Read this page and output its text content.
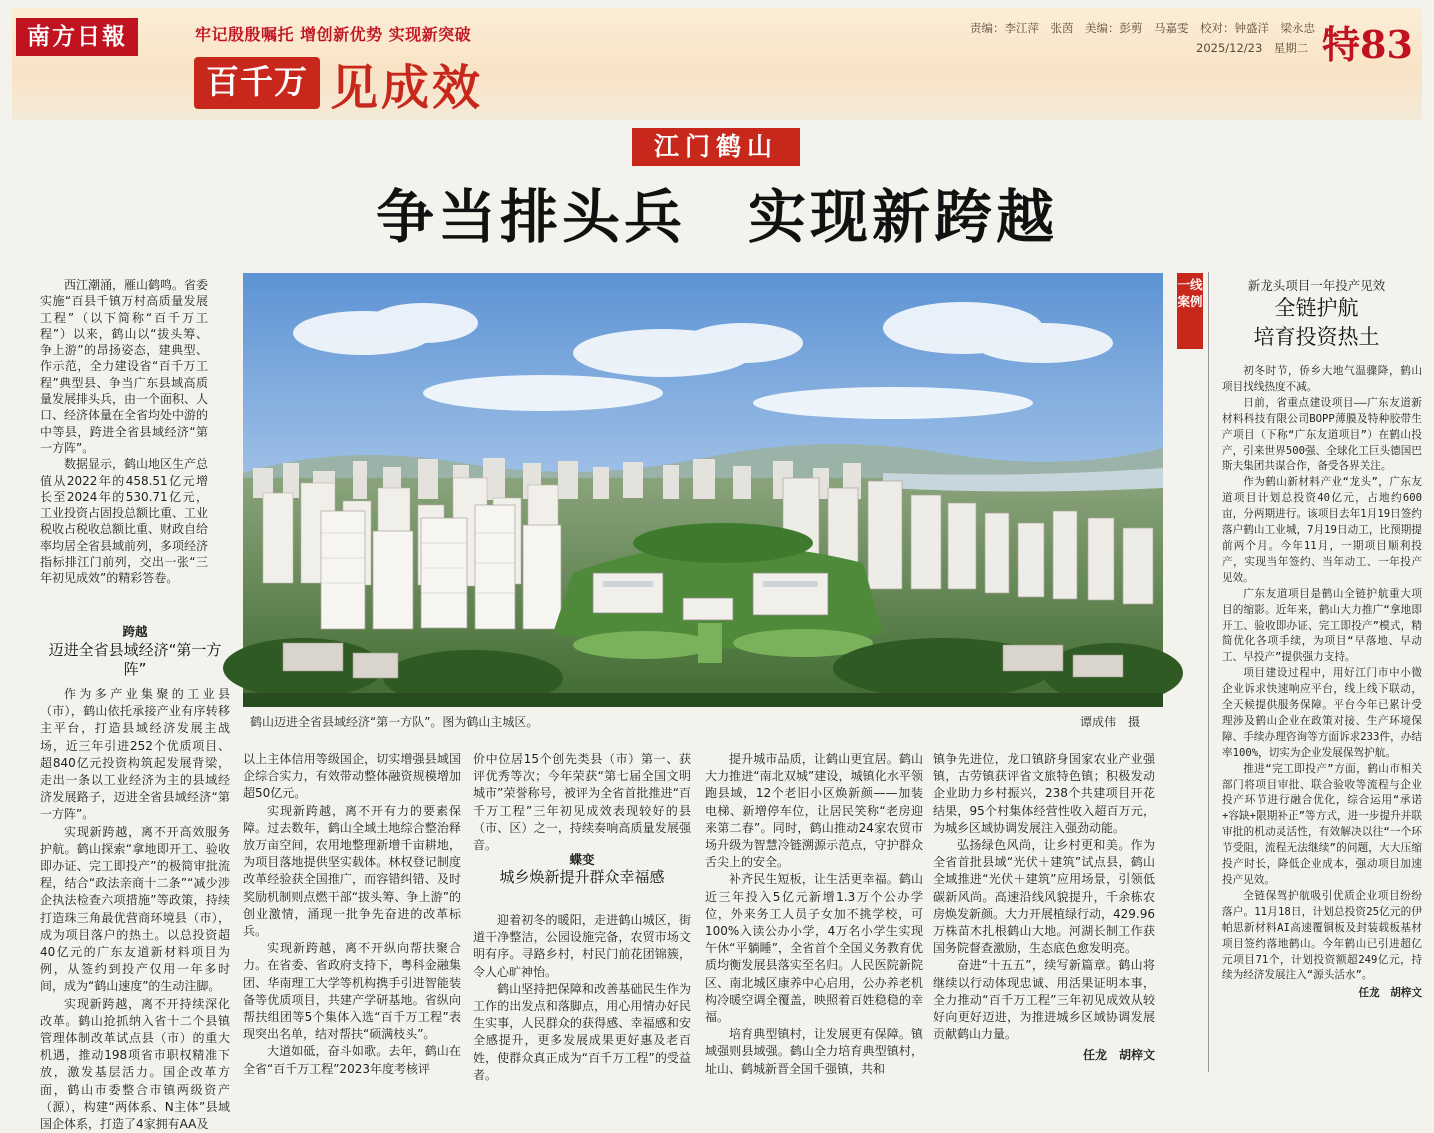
南方日報	牢记殷殷嘱托 增创新优势 实现新突破
百千万 见成效
责编：李江萍　张茵　美编：彭剪　马嘉雯　校对：钟盛洋　梁永忠
2025/12/23　星期二 特83
江门鹤山
争当排头兵　实现新跨越
鹤山迈进全省县域经济“第一方队”。图为鹤山主城区。	谭成伟　摄

西江潮涌，雁山鹤鸣。省委实施“百县千镇万村高质量发展工程”（以下简称“百千万工程”）以来，鹤山以“拔头筹、争上游”的昂扬姿态，建典型、作示范，全力建设省“百千万工程”典型县、争当广东县域高质量发展排头兵，由一个面积、人口、经济体量在全省均处中游的中等县，跨进全省县域经济“第一方阵”。

数据显示，鹤山地区生产总值从2022年的458.51亿元增长至2024年的530.71亿元，工业投资占固投总额比重、工业税收占税收总额比重、财政自给率均居全省县域前列，多项经济指标排江门前列，交出一张“三年初见成效”的精彩答卷。

跨越
迈进全省县域经济“第一方阵”

作为多产业集聚的工业县（市），鹤山依托承接产业有序转移主平台，打造县域经济发展主战场，近三年引进252个优质项目、超840亿元投资构筑起发展背梁，走出一条以工业经济为主的县域经济发展路子，迈进全省县域经济“第一方阵”。

实现新跨越，离不开高效服务护航。鹤山探索“拿地即开工、验收即办证、完工即投产”的极简审批流程，结合“政法亲商十二条”“减少涉企执法检查六项措施”等政策，持续打造珠三角最优营商环境县（市），成为项目落户的热土。以总投资超40亿元的广东友道新材料项目为例，从签约到投产仅用一年多时间，成为“鹤山速度”的生动注脚。

实现新跨越，离不开持续深化改革。鹤山抢抓纳入省十二个县镇管理体制改革试点县（市）的重大机遇，推动198项省市职权精准下放，激发基层活力。国企改革方面，鹤山市委整合市镇两级资产（源），构建“两体系、N主体”县域国企体系，打造了4家拥有AA及

以上主体信用等级国企，切实增强县域国企综合实力，有效带动整体融资规模增加超50亿元。

实现新跨越，离不开有力的要素保障。过去数年，鹤山全域土地综合整治释放万亩空间，农用地整理新增千亩耕地，为项目落地提供坚实载体。林权登记制度改革经验获全国推广，而容错纠错、及时奖励机制则点燃干部“拔头筹、争上游”的创业激情，涌现一批争先奋进的改革标兵。

实现新跨越，离不开纵向帮扶聚合力。在省委、省政府支持下，粤科金融集团、华南理工大学等机构携手引进智能装备等优质项目，共建产学研基地。省纵向帮扶组团等5个集体入选“百千万工程”表现突出名单，结对帮扶“硕满枝头”。

大道如砥，奋斗如歌。去年，鹤山在全省“百千万工程”2023年度考核评

价中位居15个创先类县（市）第一、获评优秀等次；今年荣获“第七届全国文明城市”荣誉称号，被评为全省首批推进“百千万工程”三年初见成效表现较好的县（市、区）之一，持续奏响高质量发展强音。

蝶变
城乡焕新提升群众幸福感

迎着初冬的暖阳，走进鹤山城区，街道干净整洁，公园设施完备，农贸市场文明有序。寻路乡村，村民门前花团锦簇，令人心旷神怡。

鹤山坚持把保障和改善基础民生作为工作的出发点和落脚点，用心用情办好民生实事，人民群众的获得感、幸福感和安全感提升，更多发展成果更好惠及老百姓，使群众真正成为“百千万工程”的受益者。

提升城市品质，让鹤山更宜居。鹤山大力推进“南北双城”建设，城镇化水平领跑县域，12个老旧小区焕新颜——加装电梯、新增停车位，让居民笑称“老房迎来第二春”。同时，鹤山推动24家农贸市场升级为智慧冷链溯源示范点，守护群众舌尖上的安全。

补齐民生短板，让生活更幸福。鹤山近三年投入5亿元新增1.3万个公办学位，外来务工人员子女加不挑学校，可100%入读公办小学，4万名小学生实现午休“平躺睡”，全省首个全国义务教育优质均衡发展县落实至名归。人民医院新院区、南北城区康养中心启用，公办养老机构冷暖空调全覆盖，映照着百姓稳稳的幸福。

培育典型镇村，让发展更有保障。镇域强则县域强。鹤山全力培育典型镇村，址山、鹤城新晋全国千强镇，共和

镇争先进位，龙口镇跻身国家农业产业强镇，古劳镇获评省文旅特色镇；积极发动企业助力乡村振兴，238个共建项目开花结果，95个村集体经营性收入超百万元，为城乡区域协调发展注入强劲动能。

弘扬绿色风尚，让乡村更和美。作为全省首批县域“光伏＋建筑”试点县，鹤山全域推进“光伏＋建筑”应用场景，引领低碳新风尚。高速沿线风貌提升，千余栋农房焕发新颜。大力开展植绿行动，429.96万株苗木扎根鹤山大地。河湖长制工作获国务院督查激励，生态底色愈发明亮。

奋进“十五五”，续写新篇章。鹤山将继续以行动体现忠诚、用活果证明本事，全力推动“百千万工程”三年初见成效从较好向更好迈进，为推进城乡区域协调发展贡献鹤山力量。

任龙　胡梓文
一线案例
新龙头项目一年投产见效
全链护航
培育投资热土

初冬时节，侨乡大地气温骤降，鹤山项目找线热度不减。

日前，省重点建设项目——广东友道新材料科技有限公司BOPP薄膜及特种胶带生产项目（下称“广东友道项目”）在鹤山投产，引来世界500强、全球化工巨头德国巴斯夫集团共谋合作，备受各界关注。

作为鹤山新材料产业“龙头”，广东友道项目计划总投资40亿元，占地约600亩，分两期进行。该项目去年1月19日签约落户鹤山工业城，7月19日动工，比预期提前两个月。今年11月，一期项目顺利投产，实现当年签约、当年动工、一年投产见效。

广东友道项目是鹤山全链护航重大项目的缩影。近年来，鹤山大力推广“拿地即开工、验收即办证、完工即投产”模式，精简优化各项手续，为项目“早落地、早动工、早投产”提供强力支持。

项目建设过程中，用好江门市中小微企业诉求快速响应平台，线上线下联动，全天候提供服务保障。平台今年已累计受理涉及鹤山企业在政策对接、生产环境保障、手续办理咨询等方面诉求233件，办结率100%，切实为企业发展保驾护航。

推进“完工即投产”方面，鹤山市相关部门将项目审批、联合验收等流程与企业投产环节进行融合优化，综合运用“承诺+容缺+限期补正”等方式，进一步提升并联审批的机动灵活性，有效解决以往“一个环节受阻，流程无法继续”的问题，大大压缩投产时长，降低企业成本，强动项目加速投产见效。

全链保驾护航吸引优质企业项目纷纷落户。11月18日，计划总投资25亿元的伊帕思新材料AI高速覆铜板及封装载板基材项目签约落地鹤山。今年鹤山已引进超亿元项目71个，计划投资额超249亿元，持续为经济发展注入“源头活水”。

任龙　胡梓文
